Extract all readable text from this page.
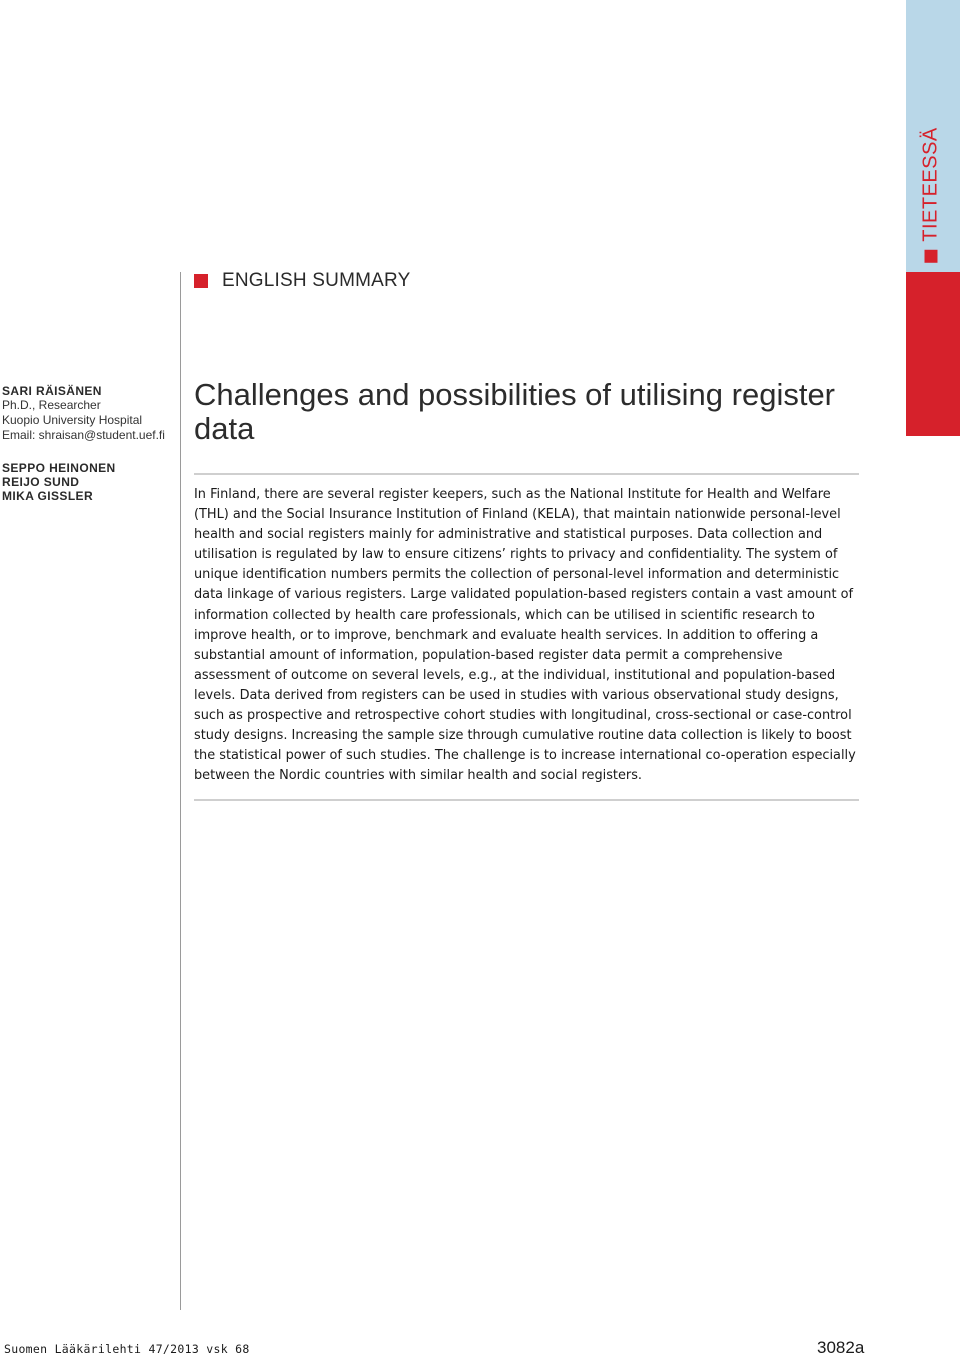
TIETEESSÄ
ENGLISH SUMMARY
SARI RÄISÄNEN
Ph.D., Researcher
Kuopio University Hospital
Email: shraisan@student.uef.fi
SEPPO HEINONEN
REIJO SUND
MIKA GISSLER
Challenges and possibilities of utilising register data

In Finland, there are several register keepers, such as the National Institute for Health and Welfare (THL) and the Social Insurance Institution of Finland (KELA), that maintain nationwide personal-level health and social registers mainly for administrative and statistical purposes. Data collection and utilisation is regulated by law to ensure citizens’ rights to privacy and confidentiality. The system of unique identification numbers permits the collection of personal-level information and deterministic data linkage of various registers. Large validated population-based registers contain a vast amount of information collected by health care professionals, which can be utilised in scientific research to improve health, or to improve, benchmark and evaluate health services. In addition to offering a substantial amount of information, population-based register data permit a comprehensive assessment of outcome on several levels, e.g., at the individual, institutional and population-based levels. Data derived from registers can be used in studies with various observational study designs, such as prospective and retrospective cohort studies with longitudinal, cross-sectional or case-control study designs. Increasing the sample size through cumulative routine data collection is likely to boost the statistical power of such studies. The challenge is to increase international co-operation especially between the Nordic countries with similar health and social registers.

Suomen Lääkärilehti 47/2013 vsk 68	3082a
